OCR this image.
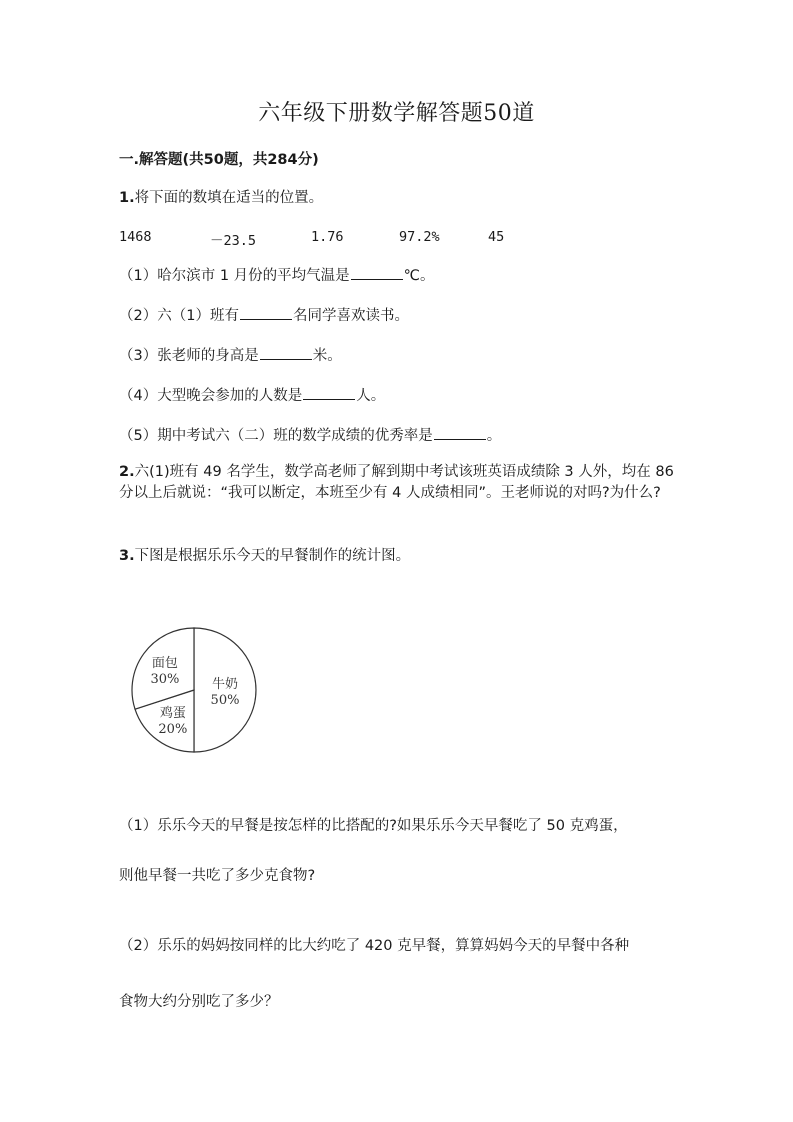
六年级下册数学解答题50道
一.解答题(共50题，共284分)
1.将下面的数填在适当的位置。
1468	－23.5	1.76	97.2%	45
（1）哈尔滨市 1 月份的平均气温是	℃。
（2）六（1）班有	名同学喜欢读书。
（3）张老师的身高是	米。
（4）大型晚会参加的人数是	人。
（5）期中考试六（二）班的数学成绩的优秀率是	。
2.六(1)班有 49 名学生，数学高老师了解到期中考试该班英语成绩除 3 人外，均在 86 分以上后就说：“我可以断定，本班至少有 4 人成绩相同”。王老师说的对吗?为什么?
3.下图是根据乐乐今天的早餐制作的统计图。
牛奶
50%
鸡蛋
20%
面包
30%
（1）乐乐今天的早餐是按怎样的比搭配的?如果乐乐今天早餐吃了 50 克鸡蛋，
则他早餐一共吃了多少克食物?
（2）乐乐的妈妈按同样的比大约吃了 420 克早餐，算算妈妈今天的早餐中各种
食物大约分别吃了多少？
